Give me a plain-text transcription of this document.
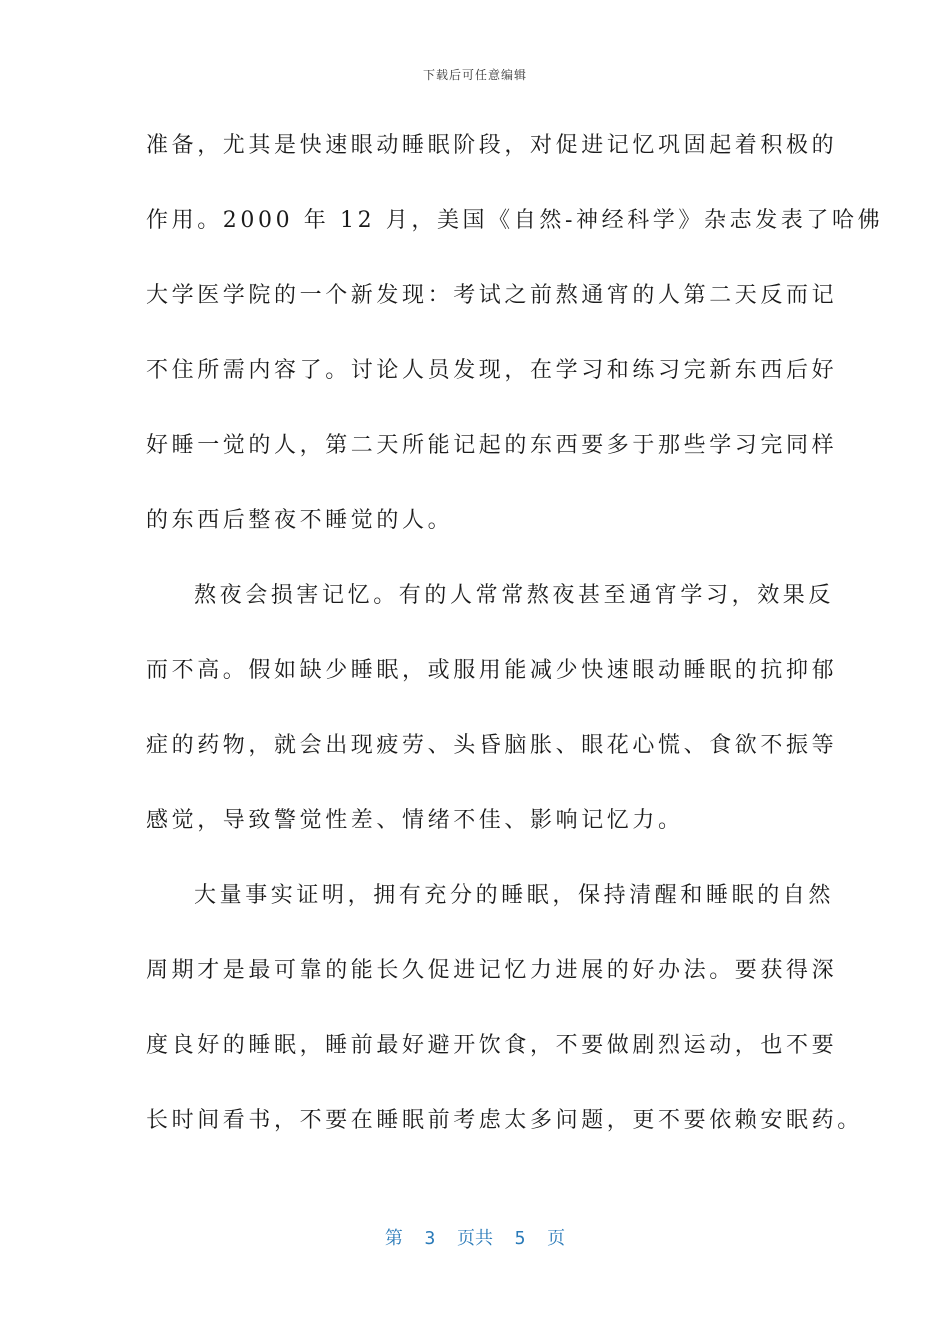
下载后可任意编辑
准备，尤其是快速眼动睡眠阶段，对促进记忆巩固起着积极的
作用。2000 年 12 月，美国《自然-神经科学》杂志发表了哈佛
大学医学院的一个新发现：考试之前熬通宵的人第二天反而记
不住所需内容了。讨论人员发现，在学习和练习完新东西后好
好睡一觉的人，第二天所能记起的东西要多于那些学习完同样
的东西后整夜不睡觉的人。
熬夜会损害记忆。有的人常常熬夜甚至通宵学习，效果反
而不高。假如缺少睡眠，或服用能减少快速眼动睡眠的抗抑郁
症的药物，就会出现疲劳、头昏脑胀、眼花心慌、食欲不振等
感觉，导致警觉性差、情绪不佳、影响记忆力。
大量事实证明，拥有充分的睡眠，保持清醒和睡眠的自然
周期才是最可靠的能长久促进记忆力进展的好办法。要获得深
度良好的睡眠，睡前最好避开饮食，不要做剧烈运动，也不要
长时间看书，不要在睡眠前考虑太多问题，更不要依赖安眠药。
第  3  页共  5  页
